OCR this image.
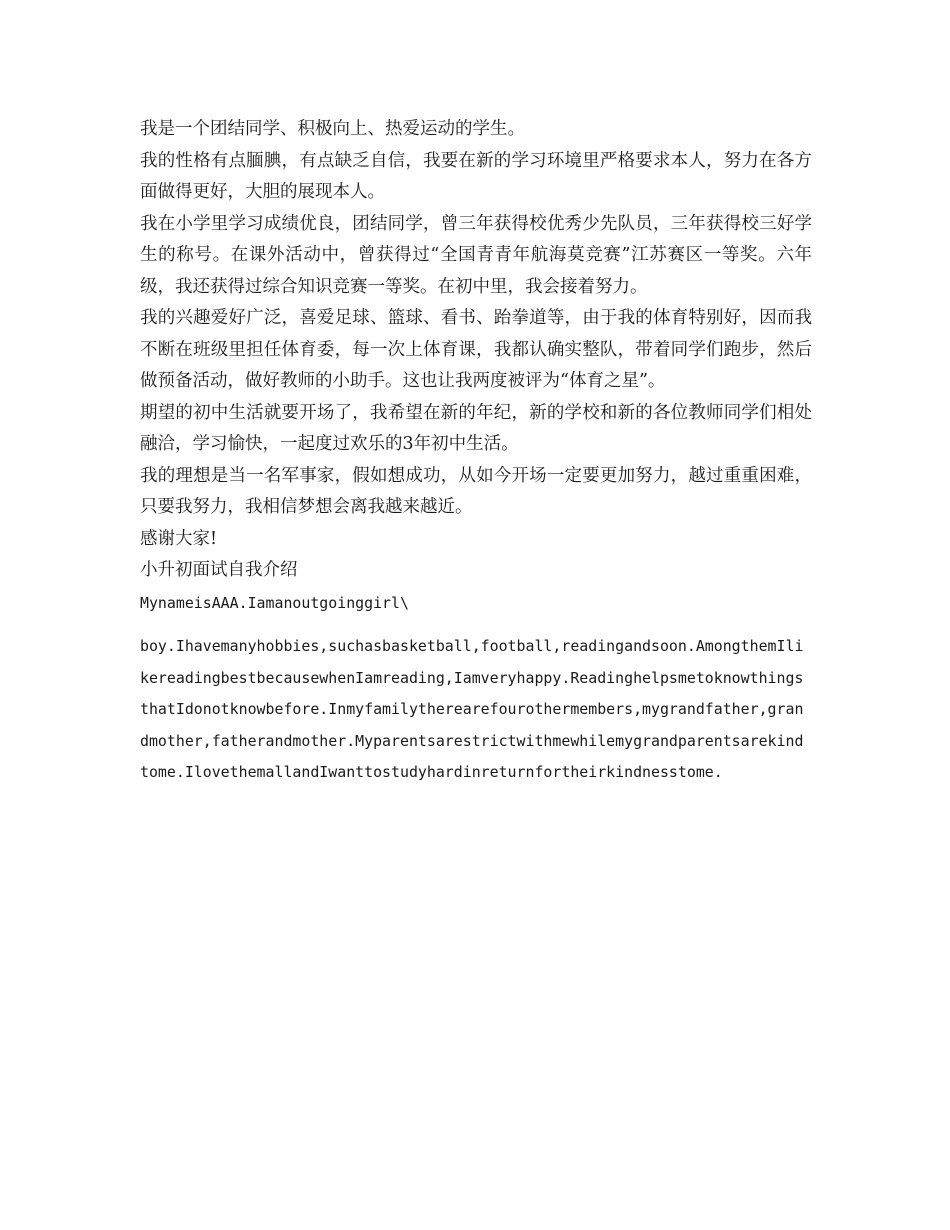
我是一个团结同学、积极向上、热爱运动的学生。

我的性格有点腼腆，有点缺乏自信，我要在新的学习环境里严格要求本人，努力在各方面做得更好，大胆的展现本人。

我在小学里学习成绩优良，团结同学，曾三年获得校优秀少先队员，三年获得校三好学生的称号。在课外活动中，曾获得过“全国青青年航海莫竞赛”江苏赛区一等奖。六年级，我还获得过综合知识竞赛一等奖。在初中里，我会接着努力。

我的兴趣爱好广泛，喜爱足球、篮球、看书、跆拳道等，由于我的体育特别好，因而我不断在班级里担任体育委，每一次上体育课，我都认确实整队，带着同学们跑步，然后做预备活动，做好教师的小助手。这也让我两度被评为“体育之星”。

期望的初中生活就要开场了，我希望在新的年纪，新的学校和新的各位教师同学们相处融洽，学习愉快，一起度过欢乐的3年初中生活。

我的理想是当一名军事家，假如想成功，从如今开场一定要更加努力，越过重重困难，只要我努力，我相信梦想会离我越来越近。

感谢大家!

小升初面试自我介绍

MynameisAAA.Iamanoutgoinggirl\

boy.Ihavemanyhobbies,suchasbasketball,football,readingandsoon.AmongthemIlikereadingbestbecausewhenIamreading,Iamveryhappy.ReadinghelpsmetoknowthingsthatIdonotknowbefore.Inmyfamilytherearefourothermembers,mygrandfather,grandmother,fatherandmother.Myparentsarestrictwithmewhilemygrandparentsarekindtome.IlovethemallandIwanttostudyhardinreturnfortheirkindnesstome.
